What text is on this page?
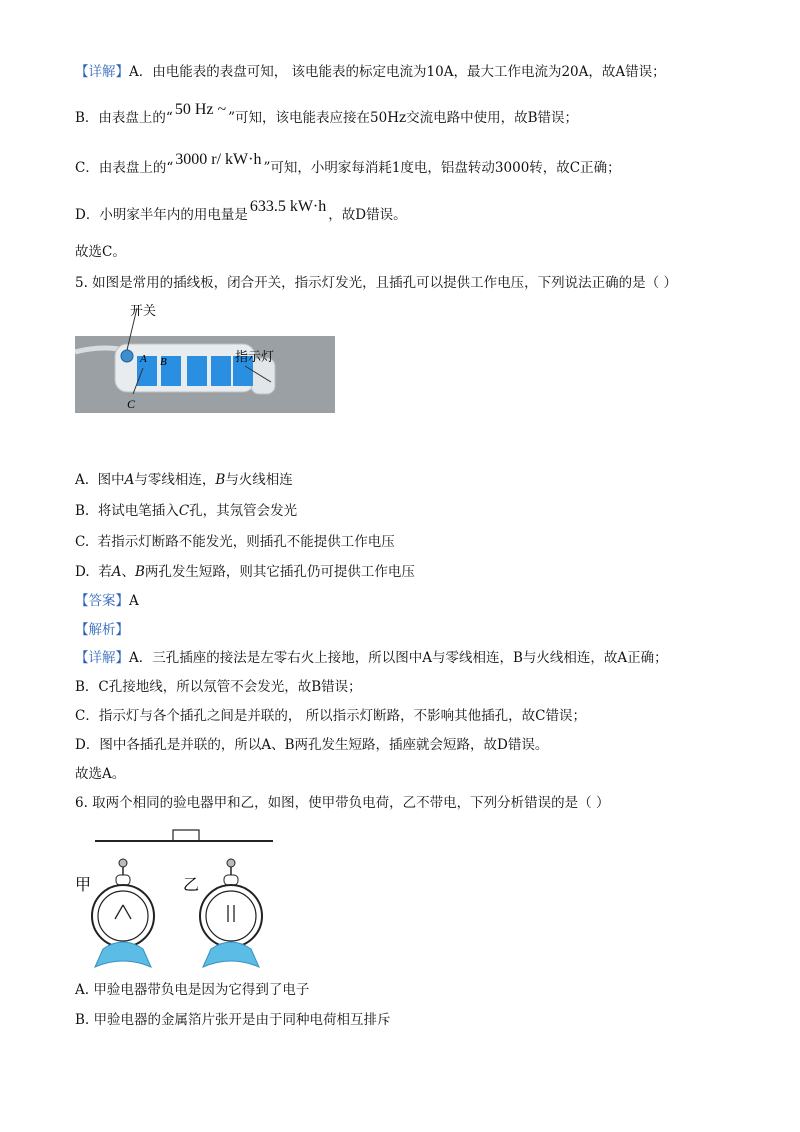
【详解】A．由电能表的表盘可知， 该电能表的标定电流为10A，最大工作电流为20A，故A错误；
B．由表盘上的“ 50 Hz ~ ”可知，该电能表应接在50Hz交流电路中使用，故B错误；
C．由表盘上的“ 3000 r/ kW·h ”可知，小明家每消耗1度电，铝盘转动3000转，故C正确；
D．小明家半年内的用电量是 633.5 kW·h ，故D错误。
故选C。
5. 如图是常用的插线板，闭合开关，指示灯发光，且插孔可以提供工作电压，下列说法正确的是（ ）
开关
A B
C
指示灯
A. 图中A与零线相连，B与火线相连
B. 将试电笔插入C孔，其氖管会发光
C. 若指示灯断路不能发光，则插孔不能提供工作电压
D. 若A、B两孔发生短路，则其它插孔仍可提供工作电压
【答案】A
【解析】
【详解】A．三孔插座的接法是左零右火上接地，所以图中A与零线相连，B与火线相连，故A正确；
B．C孔接地线，所以氖管不会发光，故B错误；
C．指示灯与各个插孔之间是并联的， 所以指示灯断路，不影响其他插孔，故C错误；
D．图中各插孔是并联的，所以A、B两孔发生短路，插座就会短路，故D错误。
故选A。
6. 取两个相同的验电器甲和乙，如图，使甲带负电荷，乙不带电，下列分析错误的是（ ）
甲	乙
A. 甲验电器带负电是因为它得到了电子
B. 甲验电器的金属箔片张开是由于同种电荷相互排斥
